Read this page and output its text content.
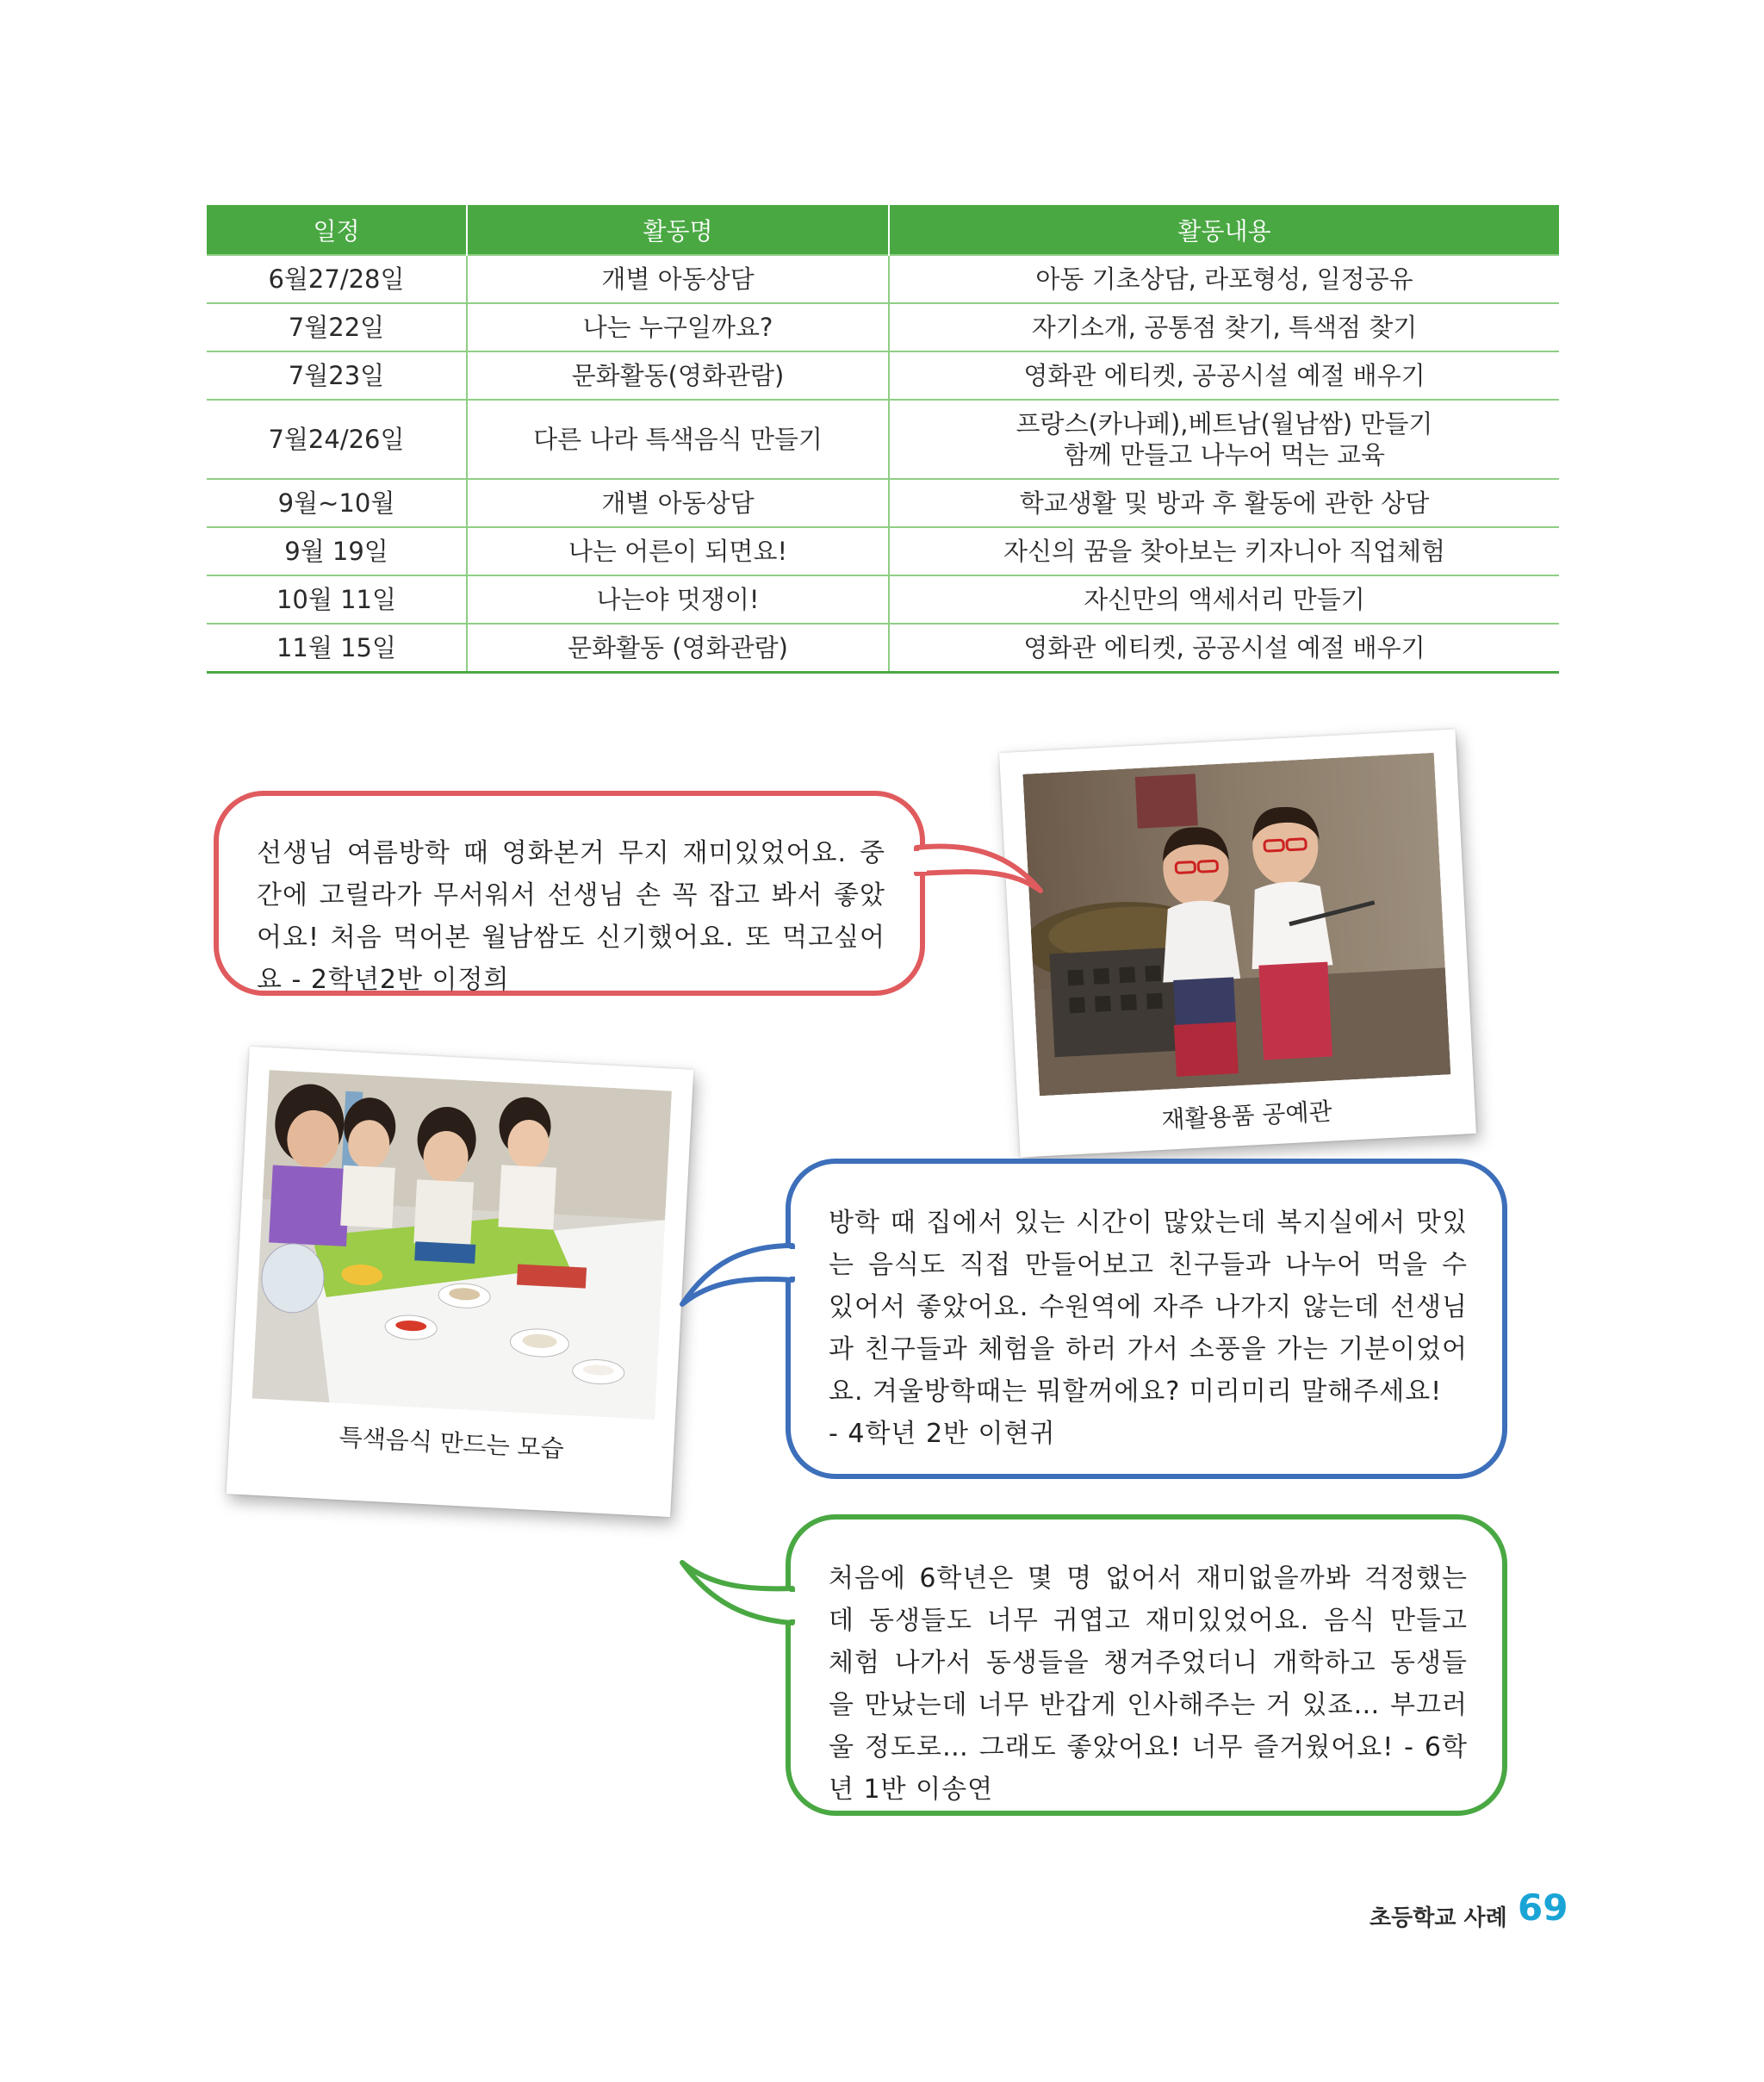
일정	활동명	활동내용
6월27/28일	개별 아동상담	아동 기초상담, 라포형성, 일정공유
7월22일	나는 누구일까요?	자기소개, 공통점 찾기, 특색점 찾기
7월23일	문화활동(영화관람)	영화관 에티켓, 공공시설 예절 배우기
7월24/26일	다른 나라 특색음식 만들기	프랑스(카나페),베트남(월남쌈) 만들기
함께 만들고 나누어 먹는 교육

9월~10월	개별 아동상담	학교생활 및 방과 후 활동에 관한 상담
9월 19일	나는 어른이 되면요!	자신의 꿈을 찾아보는 키자니아 직업체험
10월 11일	나는야 멋쟁이!	자신만의 액세서리 만들기
11월 15일	문화활동 (영화관람)	영화관 에티켓, 공공시설 예절 배우기
재활용품 공예관
특색음식 만드는 모습
선생님 여름방학 때 영화본거 무지 재미있었어요. 중간에 고릴라가 무서워서 선생님 손 꼭 잡고 봐서 좋았어요! 처음 먹어본 월남쌈도 신기했어요. 또 먹고싶어요 - 2학년2반 이정희
방학 때 집에서 있는 시간이 많았는데 복지실에서 맛있는 음식도 직접 만들어보고 친구들과 나누어 먹을 수 있어서 좋았어요. 수원역에 자주 나가지 않는데 선생님과 친구들과 체험을 하러 가서 소풍을 가는 기분이었어요. 겨울방학때는 뭐할꺼에요? 미리미리 말해주세요!
- 4학년 2반 이현귀
처음에 6학년은 몇 명 없어서 재미없을까봐 걱정했는데 동생들도 너무 귀엽고 재미있었어요. 음식 만들고 체험 나가서 동생들을 챙겨주었더니 개학하고 동생들을 만났는데 너무 반갑게 인사해주는 거 있죠… 부끄러울 정도로… 그래도 좋았어요! 너무 즐거웠어요! - 6학년 1반 이송연
초등학교 사례 69
